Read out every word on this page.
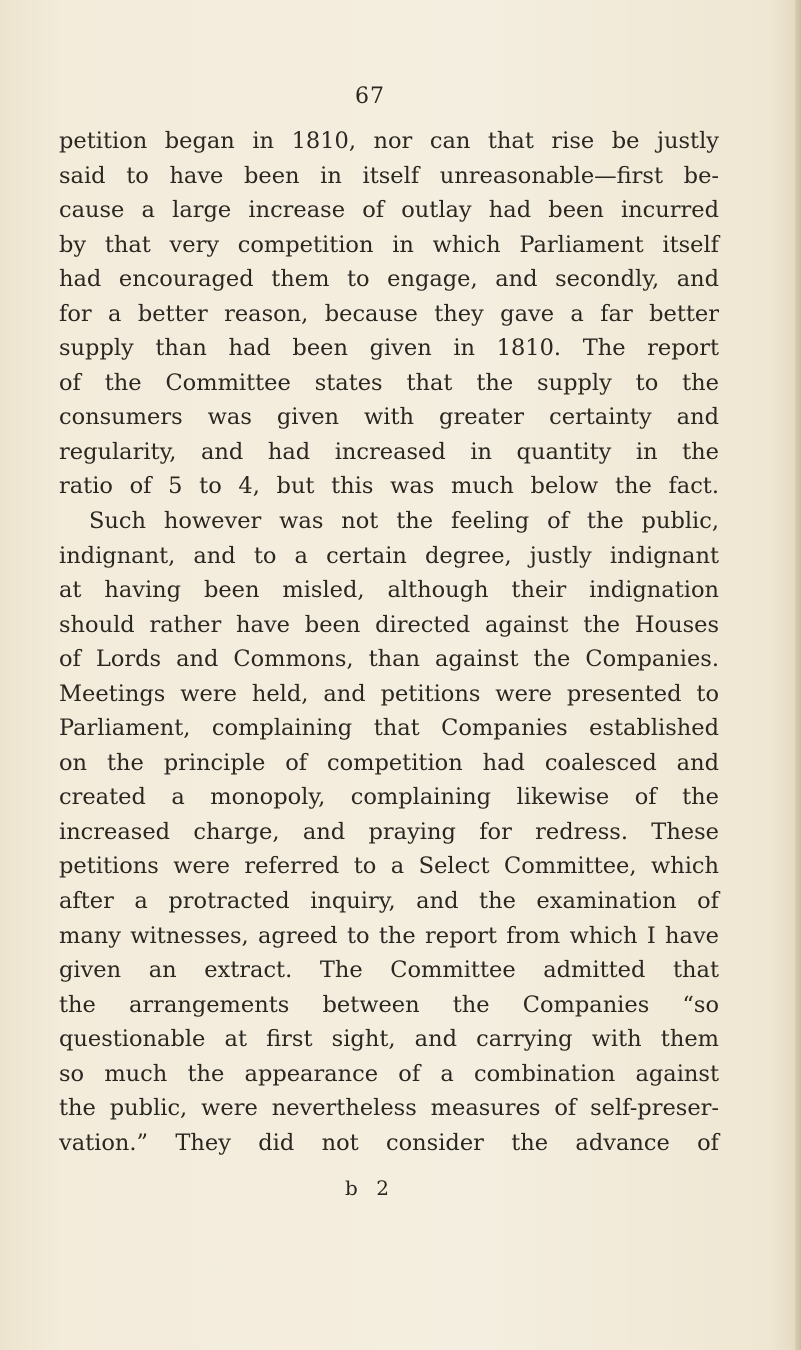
67
petition began in 1810, nor can that rise be justly
said to have been in itself unreasonable—first be-
cause a large increase of outlay had been incurred
by that very competition in which Parliament itself
had encouraged them to engage, and secondly, and
for a better reason, because they gave a far better
supply than had been given in 1810. The report
of the Committee states that the supply to the
consumers was given with greater certainty and
regularity, and had increased in quantity in the
ratio of 5 to 4, but this was much below the fact.
Such however was not the feeling of the public,
indignant, and to a certain degree, justly indignant
at having been misled, although their indignation
should rather have been directed against the Houses
of Lords and Commons, than against the Companies.
Meetings were held, and petitions were presented to
Parliament, complaining that Companies established
on the principle of competition had coalesced and
created a monopoly, complaining likewise of the
increased charge, and praying for redress. These
petitions were referred to a Select Committee, which
after a protracted inquiry, and the examination of
many witnesses, agreed to the report from which I have
given an extract. The Committee admitted that
the arrangements between the Companies “so
questionable at first sight, and carrying with them
so much the appearance of a combination against
the public, were nevertheless measures of self-preser-
vation.” They did not consider the advance of
b 2
